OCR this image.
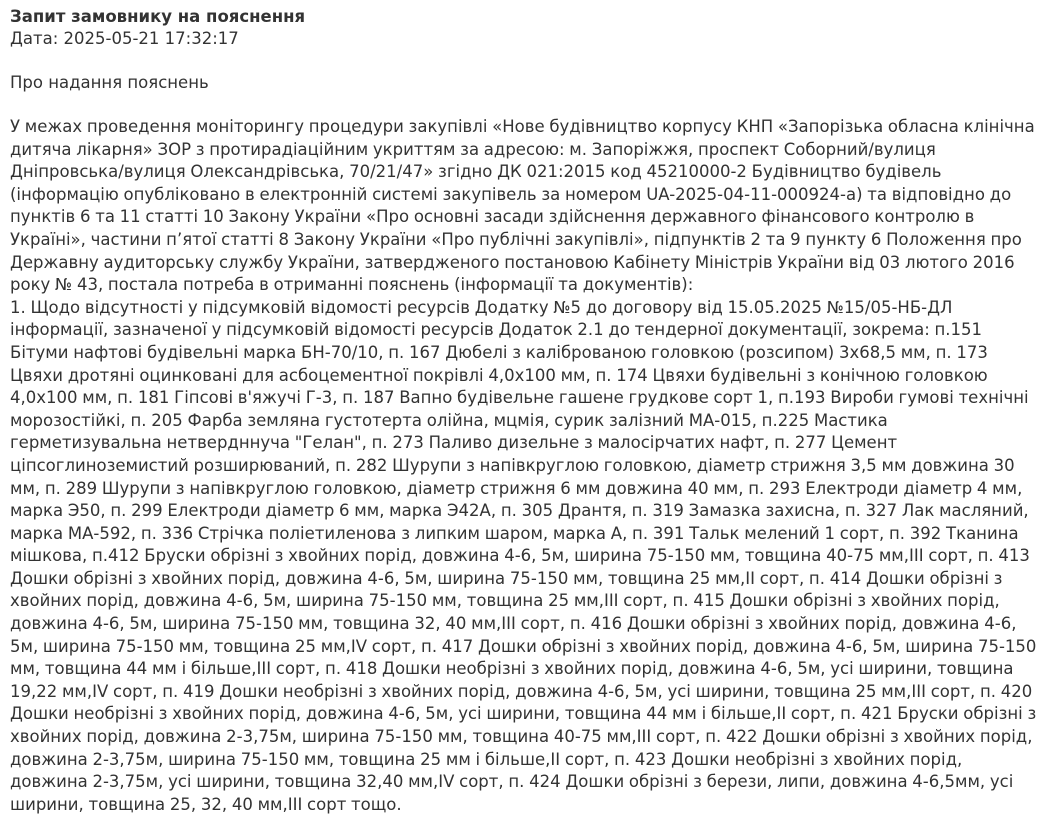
Запит замовнику на пояснення

Дата: 2025-05-21 17:32:17

Про надання пояснень

У межах проведення моніторингу процедури закупівлі «Нове будівництво корпусу КНП «Запорізька обласна клінічна дитяча лікарня» ЗОР з протирадіаційним укриттям за адресою: м. Запоріжжя, проспект Соборний/вулиця Дніпровська/вулиця Олександрівська, 70/21/47» згідно ДК 021:2015 код 45210000-2 Будівництво будівель (інформацію опубліковано в електронній системі закупівель за номером UA-2025-04-11-000924-a) та відповідно до пунктів 6 та 11 статті 10 Закону України «Про основні засади здійснення державного фінансового контролю в Україні», частини п’ятої статті 8 Закону України «Про публічні закупівлі», підпунктів 2 та 9 пункту 6 Положення про Державну аудиторську службу України, затвердженого постановою Кабінету Міністрів України від 03 лютого 2016 року № 43, постала потреба в отриманні пояснень (інформації та документів):
1. Щодо відсутності у підсумковій відомості ресурсів Додатку №5 до договору від 15.05.2025 №15/05-НБ-ДЛ інформації, зазначеної у підсумковій відомості ресурсів Додаток 2.1 до тендерної документації, зокрема: п.151 Бітуми нафтові будівельні марка БН-70/10, п. 167 Дюбелі з каліброваною головкою (розсипом) 3х68,5 мм, п. 173 Цвяхи дротяні оцинковані для асбоцементної покрівлі 4,0х100 мм, п. 174 Цвяхи будівельні з конічною головкою 4,0х100 мм, п. 181 Гіпсові в'яжучі Г-3, п. 187 Вапно будівельне гашене грудкове сорт 1, п.193 Вироби гумові технічні морозостійкі, п. 205 Фарба земляна густотерта олійна, мцмія, сурик залізний МА-015, п.225 Мастика герметизувальна нетвердннуча "Гелан", п. 273 Паливо дизельне з малосірчатих нафт, п. 277 Цемент ціпсоглиноземистий розширюваний, п. 282 Шурупи з напівкруглою головкою, діаметр стрижня 3,5 мм довжина 30 мм, п. 289 Шурупи з напівкруглою головкою, діаметр стрижня 6 мм довжина 40 мм, п. 293 Електроди діаметр 4 мм, марка Э50, п. 299 Електроди діаметр 6 мм, марка Э42А, п. 305 Дрантя, п. 319 Замазка захисна, п. 327 Лак масляний, марка МА-592, п. 336 Стрічка поліетиленова з липким шаром, марка А, п. 391 Тальк мелений 1 сорт, п. 392 Тканина мішкова, п.412 Бруски обрізні з хвойних порід, довжина 4-6, 5м, ширина 75-150 мм, товщина 40-75 мм,III сорт, п. 413 Дошки обрізні з хвойних порід, довжина 4-6, 5м, ширина 75-150 мм, товщина 25 мм,II сорт, п. 414 Дошки обрізні з хвойних порід, довжина 4-6, 5м, ширина 75-150 мм, товщина 25 мм,III сорт, п. 415 Дошки обрізні з хвойних порід, довжина 4-6, 5м, ширина 75-150 мм, товщина 32, 40 мм,III сорт, п. 416 Дошки обрізні з хвойних порід, довжина 4-6, 5м, ширина 75-150 мм, товщина 25 мм,IV сорт, п. 417 Дошки обрізні з хвойних порід, довжина 4-6, 5м, ширина 75-150 мм, товщина 44 мм і більше,III сорт, п. 418 Дошки необрізні з хвойних порід, довжина 4-6, 5м, усі ширини, товщина 19,22 мм,IV сорт, п. 419 Дошки необрізні з хвойних порід, довжина 4-6, 5м, усі ширини, товщина 25 мм,III сорт, п. 420 Дошки необрізні з хвойних порід, довжина 4-6, 5м, усі ширини, товщина 44 мм і більше,II сорт, п. 421 Бруски обрізні з хвойних порід, довжина 2-3,75м, ширина 75-150 мм, товщина 40-75 мм,III сорт, п. 422 Дошки обрізні з хвойних порід, довжина 2-3,75м, ширина 75-150 мм, товщина 25 мм і більше,II сорт, п. 423 Дошки необрізні з хвойних порід, довжина 2-3,75м, усі ширини, товщина 32,40 мм,IV сорт, п. 424 Дошки обрізні з берези, липи, довжина 4-6,5мм, усі ширини, товщина 25, 32, 40 мм,III сорт тощо.
